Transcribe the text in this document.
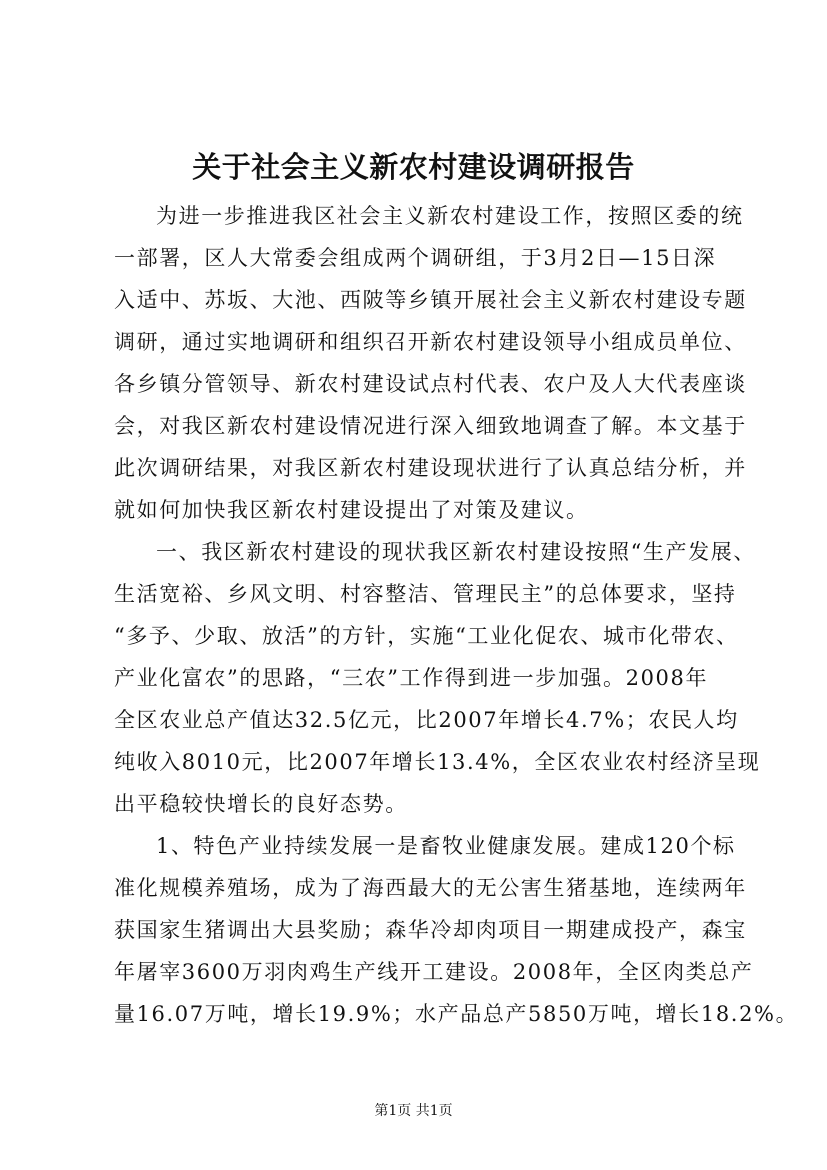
关于社会主义新农村建设调研报告
为进一步推进我区社会主义新农村建设工作，按照区委的统
一部署，区人大常委会组成两个调研组，于3月2日—15日深
入适中、苏坂、大池、西陂等乡镇开展社会主义新农村建设专题
调研，通过实地调研和组织召开新农村建设领导小组成员单位、
各乡镇分管领导、新农村建设试点村代表、农户及人大代表座谈
会，对我区新农村建设情况进行深入细致地调查了解。本文基于
此次调研结果，对我区新农村建设现状进行了认真总结分析，并
就如何加快我区新农村建设提出了对策及建议。
一、我区新农村建设的现状我区新农村建设按照“生产发展、
生活宽裕、乡风文明、村容整洁、管理民主”的总体要求，坚持
“多予、少取、放活”的方针，实施“工业化促农、城市化带农、
产业化富农”的思路，“三农”工作得到进一步加强。2008年
全区农业总产值达32.5亿元，比2007年增长4.7%；农民人均
纯收入8010元，比2007年增长13.4%，全区农业农村经济呈现
出平稳较快增长的良好态势。
1、特色产业持续发展一是畜牧业健康发展。建成120个标
准化规模养殖场，成为了海西最大的无公害生猪基地，连续两年
获国家生猪调出大县奖励；森华冷却肉项目一期建成投产，森宝
年屠宰3600万羽肉鸡生产线开工建设。2008年，全区肉类总产
量16.07万吨，增长19.9%；水产品总产5850万吨，增长18.2%。
第1页 共1页
